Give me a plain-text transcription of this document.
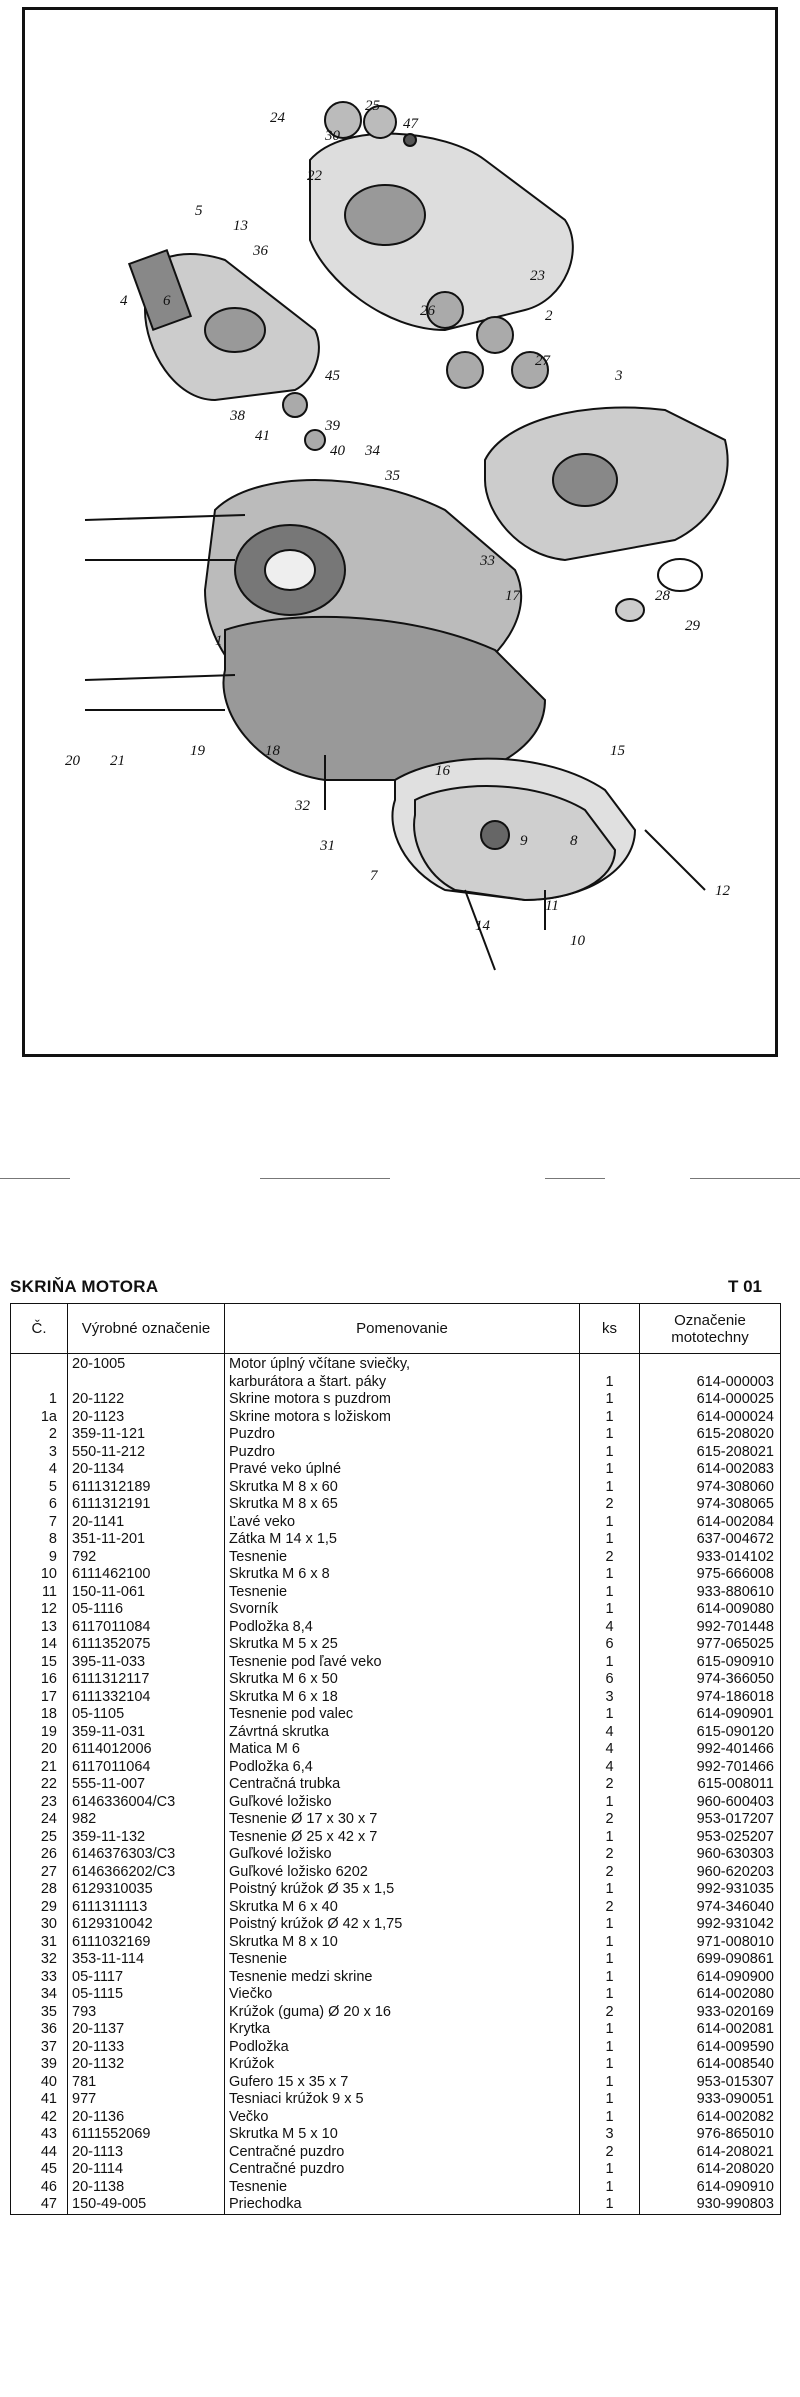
24
25
47
30
22
5
13
36
4 6
26
23
2
27
3
45
38
39
41
40 34
35
28
29
33
17
1
20 21
19	18
16
15
32
31
14
11
10
12
7
9	8
SKRIŇA MOTORA	T 01
Č.	Výrobné označenie	Pomenovanie	ks	Označenie mototechny
	20-1005	Motor úplný včítane sviečky,
karburátora a štart. páky	1	614-000003
1	20-1122	Skrine motora s puzdrom	1	614-000025
1a	20-1123	Skrine motora s ložiskom	1	614-000024
2	359-11-121	Puzdro	1	615-208020
3	550-11-212	Puzdro	1	615-208021
4	20-1134	Pravé veko úplné	1	614-002083
5	6111312189	Skrutka M 8 x 60	1	974-308060
6	6111312191	Skrutka M 8 x 65	2	974-308065
7	20-1141	Ľavé veko	1	614-002084
8	351-11-201	Zátka M 14 x 1,5	1	637-004672
9	792	Tesnenie	2	933-014102
10	6111462100	Skrutka M 6 x 8	1	975-666008
11	150-11-061	Tesnenie	1	933-880610
12	05-1116	Svorník	1	614-009080
13	6117011084	Podložka 8,4	4	992-701448
14	6111352075	Skrutka M 5 x 25	6	977-065025
15	395-11-033	Tesnenie pod ľavé veko	1	615-090910
16	6111312117	Skrutka M 6 x 50	6	974-366050
17	6111332104	Skrutka M 6 x 18	3	974-186018
18	05-1105	Tesnenie pod valec	1	614-090901
19	359-11-031	Závrtná skrutka	4	615-090120
20	6114012006	Matica M 6	4	992-401466
21	6117011064	Podložka 6,4	4	992-701466
22	555-11-007	Centračná trubka	2	615-008011
23	6146336004/C3	Guľkové ložisko	1	960-600403
24	982	Tesnenie Ø 17 x 30 x 7	2	953-017207
25	359-11-132	Tesnenie Ø 25 x 42 x 7	1	953-025207
26	6146376303/C3	Guľkové ložisko	2	960-630303
27	6146366202/C3	Guľkové ložisko 6202	2	960-620203
28	6129310035	Poistný krúžok Ø 35 x 1,5	1	992-931035
29	6111311113	Skrutka M 6 x 40	2	974-346040
30	6129310042	Poistný krúžok Ø 42 x 1,75	1	992-931042
31	6111032169	Skrutka M 8 x 10	1	971-008010
32	353-11-114	Tesnenie	1	699-090861
33	05-1117	Tesnenie medzi skrine	1	614-090900
34	05-1115	Viečko	1	614-002080
35	793	Krúžok (guma) Ø 20 x 16	2	933-020169
36	20-1137	Krytka	1	614-002081
37	20-1133	Podložka	1	614-009590
39	20-1132	Krúžok	1	614-008540
40	781	Gufero 15 x 35 x 7	1	953-015307
41	977	Tesniaci krúžok 9 x 5	1	933-090051
42	20-1136	Večko	1	614-002082
43	6111552069	Skrutka M 5 x 10	3	976-865010
44	20-1113	Centračné puzdro	2	614-208021
45	20-1114	Centračné puzdro	1	614-208020
46	20-1138	Tesnenie	1	614-090910
47	150-49-005	Priechodka	1	930-990803
